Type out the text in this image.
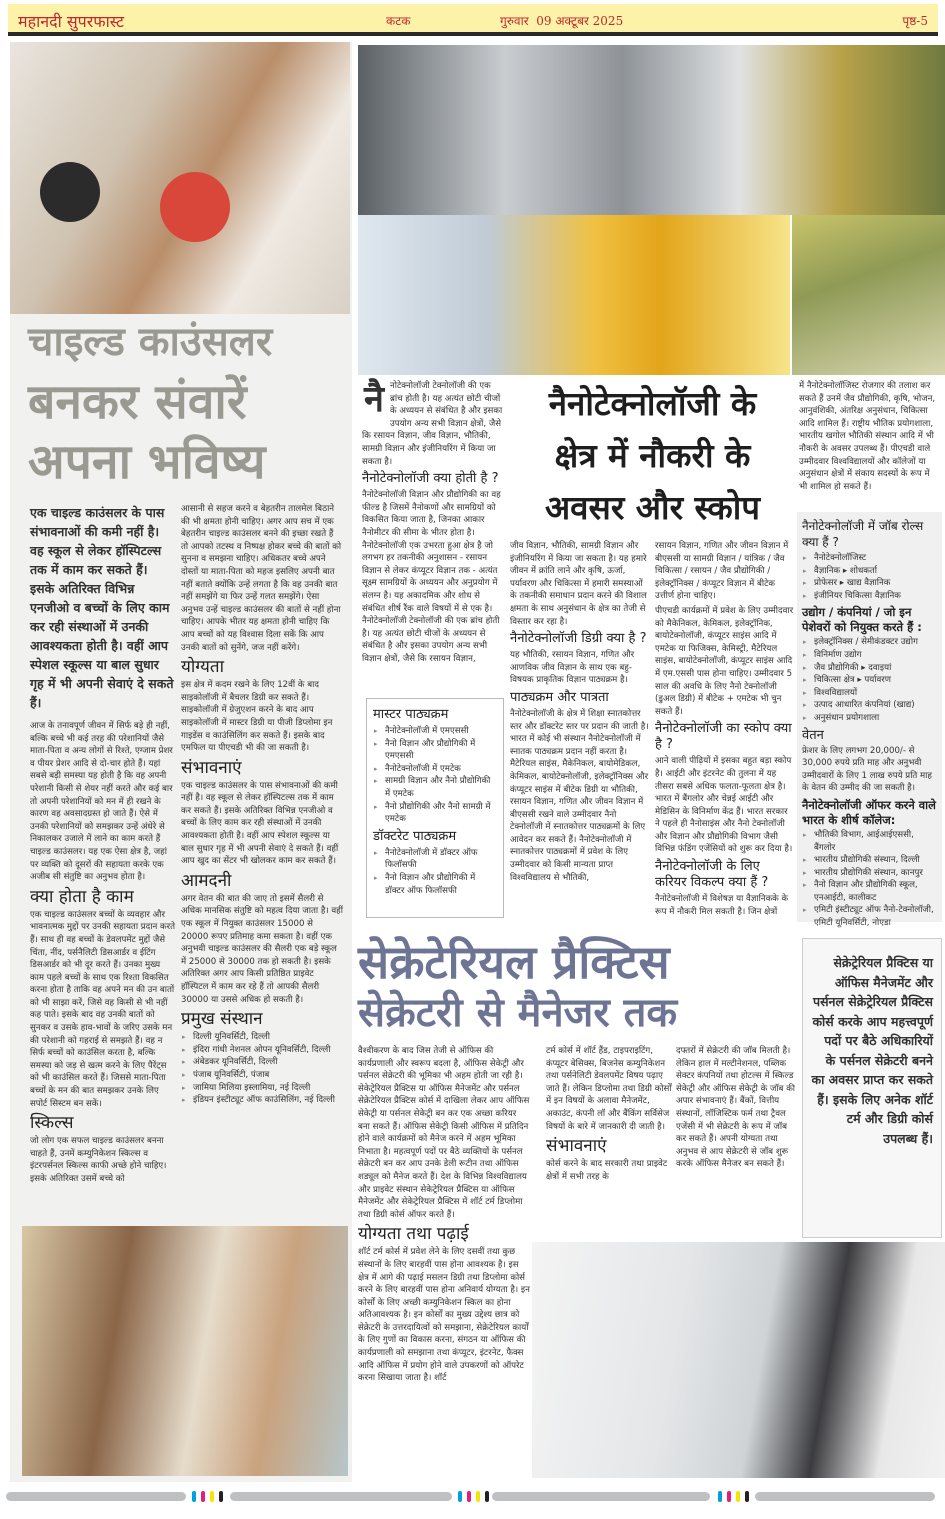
महानदी सुपरफास्ट	कटक	गुरुवार  09 अक्टूबर 2025	पृष्ठ-5
चाइल्ड काउंसलर
बनकर संवारें
अपना भविष्य

एक चाइल्ड काउंसलर के पास संभावनाओं की कमी नहीं है। वह स्कूल से लेकर हॉस्पिटल्स तक में काम कर सकते हैं। इसके अतिरिक्त विभिन्न एनजीओ व बच्चों के लिए काम कर रही संस्थाओं में उनकी आवश्यकता होती है। वहीं आप स्पेशल स्कूल्स या बाल सुधार गृह में भी अपनी सेवाएं दे सकते हैं।

आज के तनावपूर्ण जीवन में सिर्फ बड़े ही नहीं, बल्कि बच्चे भी कई तरह की परेशानियों जैसे माता-पिता व अन्य लोगों से रिश्ते, एग्जाम प्रेशर व पीयर प्रेशर आदि से दो-चार होते हैं। यहां सबसे बड़ी समस्या यह होती है कि वह अपनी परेशानी किसी से शेयर नहीं करते और कई बार तो अपनी परेशानियों को मन में ही रखने के कारण वह अवसादग्रस्त हो जाते हैं। ऐसे में उनकी परेशानियों को समझकर उन्हें अंधेरे से निकालकर उजाले में लाने का काम करते हैं चाइल्ड काउंसलर। यह एक ऐसा क्षेत्र है, जहां पर व्यक्ति को दूसरों की सहायता करके एक अजीब सी संतुष्टि का अनुभव होता है।

क्या होता है काम

एक चाइल्ड काउंसलर बच्चों के व्यवहार और भावनात्मक मुद्दों पर उनकी सहायता प्रदान करते हैं। साथ ही वह बच्चों के डेवलपमेंट मुद्दों जैसे चिंता, नींद, पर्सनैलिटी डिसआर्डर व ईटिंग डिसआर्डर को भी दूर करते हैं। उनका मुख्य काम पहले बच्चों के साथ एक रिश्ता विकसित करना होता है ताकि वह अपने मन की उन बातों को भी साझा करें, जिसे वह किसी से भी नहीं कह पाते। इसके बाद वह उनकी बातों को सुनकर व उसके हाव-भावों के जरिए उसके मन की परेशानी को गहराई से समझते हैं। वह न सिर्फ बच्चों को काउंसिल करता है, बल्कि समस्या को जड़ से खत्म करने के लिए पैरेंट्स को भी काउंसिल करते हैं। जिससे माता-पिता बच्चों के मन की बात समझकर उनके लिए सपोर्ट सिस्टम बन सकें।

स्किल्स

जो लोग एक सफल चाइल्ड काउंसलर बनना चाहते हैं, उनमें कम्युनिकेशन स्किल्स व इंटरपर्सनल स्किल्स काफी अच्छे होने चाहिए। इसके अतिरिक्त उसमें बच्चे को

आसानी से सहज करने व बेहतरीन तालमेल बिठाने की भी क्षमता होनी चाहिए। अगर आप सच में एक बेहतरीन चाइल्ड काउंसलर बनने की इच्छा रखते हैं तो आपको तटस्थ व निष्पक्ष होकर बच्चे की बातों को सुनना व समझना चाहिए। अधिकतर बच्चे अपने दोस्तों या माता-पिता को महज इसलिए अपनी बात नहीं बताते क्योंकि उन्हें लगता है कि वह उनकी बात नहीं समझेंगे या फिर उन्हें गलत समझेंगे। ऐसा अनुभव उन्हें चाइल्ड काउंसलर की बातों से नहीं होना चाहिए। आपके भीतर यह क्षमता होनी चाहिए कि आप बच्चों को यह विश्वास दिला सकें कि आप उनकी बातों को सुनेंगे, जज नहीं करेंगे।

योग्यता

इस क्षेत्र में कदम रखने के लिए 12वीं के बाद साइकोलॉजी में बैचलर डिग्री कर सकते हैं। साइकोलॉजी में ग्रेजुएशन करने के बाद आप साइकोलॉजी में मास्टर डिग्री या पीजी डिप्लोमा इन गाइडेंस व काउंसिलिंग कर सकते हैं। इसके बाद एमफिल या पीएचडी भी की जा सकती है।

संभावनाएं

एक चाइल्ड काउंसलर के पास संभावनाओं की कमी नहीं है। वह स्कूल से लेकर हॉस्पिटल्स तक में काम कर सकते हैं। इसके अतिरिक्त विभिन्न एनजीओ व बच्चों के लिए काम कर रही संस्थाओं में उनकी आवश्यकता होती है। वहीं आप स्पेशल स्कूल्स या बाल सुधार गृह में भी अपनी सेवाएं दे सकते हैं। वहीं आप खुद का सेंटर भी खोलकर काम कर सकते हैं।

आमदनी

अगर वेतन की बात की जाए तो इसमें सैलरी से अधिक मानसिक संतुष्टि को महत्व दिया जाता है। वहीं एक स्कूल में नियुक्त काउंसलर 15000 से 20000 रूपए प्रतिमाह कमा सकता है। वहीं एक अनुभवी चाइल्ड काउंसलर की सैलरी एक बड़े स्कूल में 25000 से 30000 तक हो सकती है। इसके अतिरिक्त अगर आप किसी प्रतिष्ठित प्राइवेट हॉस्पिटल में काम कर रहे हैं तो आपकी सैलरी 30000 या उससे अधिक हो सकती है।

प्रमुख संस्थान
▸ दिल्ली यूनिवर्सिटी, दिल्ली
▸ इंदिरा गांधी नेशनल ओपन यूनिवर्सिटी, दिल्ली
▸ अंबेडकर यूनिवर्सिटी, दिल्ली
▸ पंजाब यूनिवर्सिटी, पंजाब
▸ जामिया मिलिया इस्लामिया, नई दिल्ली
▸ इंडियन इंस्टीट्यूट ऑफ काउंसिलिंग, नई दिल्ली

नैनोटेक्नोलॉजी टेक्नोलॉजी की एक ब्रांच होती है। यह अत्यंत छोटी चीजों के अध्ययन से संबंधित है और इसका उपयोग अन्य सभी विज्ञान क्षेत्रों, जैसे कि रसायन विज्ञान, जीव विज्ञान, भौतिकी, सामग्री विज्ञान और इंजीनियरिंग में किया जा सकता है।

नैनोटेक्नोलॉजी क्या होती है ?

नैनोटेक्नोलॉजी विज्ञान और प्रौद्योगिकी का वह फील्ड है जिसमें नैनोकणों और सामग्रियों को विकसित किया जाता है, जिनका आकार नैनोमीटर की सीमा के भीतर होता है। नैनोटेक्नोलॉजी एक उभरता हुआ क्षेत्र है जो लगभग हर तकनीकी अनुशासन - रसायन विज्ञान से लेकर कंप्यूटर विज्ञान तक - अत्यंत सूक्ष्म सामग्रियों के अध्ययन और अनुप्रयोग में संलग्न है। यह अकादमिक और शोध से संबंधित शीर्ष रैंक वाले विषयों में से एक है। नैनोटेक्नोलॉजी टेक्नोलॉजी की एक ब्रांच होती है। यह अत्यंत छोटी चीजों के अध्ययन से संबंधित है और इसका उपयोग अन्य सभी विज्ञान क्षेत्रों, जैसे कि रसायन विज्ञान,

मास्टर पाठ्यक्रम
▸ नैनोटेक्नोलॉजी में एमएससी
▸ नैनो विज्ञान और प्रौद्योगिकी में एमएससी
▸ नैनोटेक्नोलॉजी में एमटेक
▸ सामग्री विज्ञान और नैनो प्रौद्योगिकी में एमटेक
▸ नैनो प्रौद्योगिकी और नैनो सामग्री में एमटेक
डॉक्टरेट पाठ्यक्रम
▸ नैनोटेक्नोलॉजी में डॉक्टर ऑफ फिलॉसफी
▸ नैनो विज्ञान और प्रौद्योगिकी में डॉक्टर ऑफ फिलॉसफी
नैनोटेक्नोलॉजी के
क्षेत्र में नौकरी के
अवसर और स्कोप

जीव विज्ञान, भौतिकी, सामग्री विज्ञान और इंजीनियरिंग में किया जा सकता है। यह हमारे जीवन में क्रांति लाने और कृषि, ऊर्जा, पर्यावरण और चिकित्सा में हमारी समस्याओं के तकनीकी समाधान प्रदान करने की विशाल क्षमता के साथ अनुसंधान के क्षेत्र का तेजी से विस्तार कर रहा है।

नैनोटेक्नोलॉजी डिग्री क्या है ?

यह भौतिकी, रसायन विज्ञान, गणित और आणविक जीव विज्ञान के साथ एक बहु-विषयक प्राकृतिक विज्ञान पाठ्यक्रम है।

पाठ्यक्रम और पात्रता

नैनोटेक्नोलॉजी के क्षेत्र में शिक्षा स्नातकोत्तर स्तर और डॉक्टरेट स्तर पर प्रदान की जाती है। भारत में कोई भी संस्थान नैनोटेक्नोलॉजी में स्नातक पाठ्यक्रम प्रदान नहीं करता है। मैटेरियल साइंस, मैकेनिकल, बायोमेडिकल, केमिकल, बायोटेक्नोलॉजी, इलेक्ट्रॉनिक्स और कंप्यूटर साइंस में बीटेक डिग्री या भौतिकी, रसायन विज्ञान, गणित और जीवन विज्ञान में बीएससी रखने वाले उम्मीदवार नैनो टेक्नोलॉजी में स्नातकोत्तर पाठ्यक्रमों के लिए आवेदन कर सकते हैं। नैनोटेक्नोलॉजी में स्नातकोत्तर पाठ्यक्रमों में प्रवेश के लिए उम्मीदवार को किसी मान्यता प्राप्त विश्वविद्यालय से भौतिकी,

रसायन विज्ञान, गणित और जीवन विज्ञान में बीएससी या सामग्री विज्ञान / यांत्रिक / जैव चिकित्सा / रसायन / जैव प्रौद्योगिकी / इलेक्ट्रॉनिक्स / कंप्यूटर विज्ञान में बीटेक उत्तीर्ण होना चाहिए।

पीएचडी कार्यक्रमों में प्रवेश के लिए उम्मीदवार को मैकेनिकल, केमिकल, इलेक्ट्रॉनिक, बायोटेक्नोलॉजी, कंप्यूटर साइंस आदि में एमटेक या फिजिक्स, केमिस्ट्री, मैटेरियल साइंस, बायोटेक्नोलॉजी, कंप्यूटर साइंस आदि में एम.एससी पास होना चाहिए। उम्मीदवार 5 साल की अवधि के लिए नैनो टेक्नोलॉजी (डुअल डिग्री) में बीटेक + एमटेक भी चुन सकते हैं।

नैनोटेक्नोलॉजी का स्कोप क्या है ?

आने वाली पीढ़ियों में इसका बहुत बड़ा स्कोप है। आईटी और इंटरनेट की तुलना में यह तीसरा सबसे अधिक फलता-फूलता क्षेत्र है। भारत में बैंगलोर और चेन्नई आईटी और मेडिसिन के विनिर्माण केंद्र हैं। भारत सरकार ने पहले ही नैनोसाइंस और नैनो टेक्नोलॉजी और विज्ञान और प्रौद्योगिकी विभाग जैसी विभिन्न फंडिंग एजेंसियों को शुरू कर दिया है।

नैनोटेक्नोलॉजी के लिए करियर विकल्प क्या हैं ?

नैनोटेक्नोलॉजी में विशेषज्ञ या वैज्ञानिकके के रूप में नौकरी मिल सकती है। जिन क्षेत्रों

में नैनोटेक्नोलॉजिस्ट रोजगार की तलाश कर सकते हैं उनमें जैव प्रौद्योगिकी, कृषि, भोजन, आनुवंशिकी, अंतरिक्ष अनुसंधान, चिकित्सा आदि शामिल हैं। राष्ट्रीय भौतिक प्रयोगशाला, भारतीय खगोल भौतिकी संस्थान आदि में भी नौकरी के अवसर उपलब्ध हैं। पीएचडी वाले उम्मीदवार विश्वविद्यालयों और कॉलेजों या अनुसंधान क्षेत्रों में संकाय सदस्यों के रूप में भी शामिल हो सकते हैं।

नैनोटेक्नोलॉजी में जॉब रोल्स क्या हैं ?
▸ नैनोटेक्नोलॉजिस्ट
▸ वैज्ञानिक ▸ शोधकर्ता
▸ प्रोफेसर ▸ खाद्य वैज्ञानिक
▸ इंजीनियर चिकित्सा वैज्ञानिक
उद्योग / कंपनियां / जो इन पेशेवरों को नियुक्त करते हैं :
▸ इलेक्ट्रॉनिक्स / सेमीकंडक्टर उद्योग
▸ विनिर्माण उद्योग
▸ जैव प्रौद्योगिकी ▸ दवाइयां
▸ चिकित्सा क्षेत्र ▸ पर्यावरण
▸ विश्वविद्यालयों
▸ उत्पाद आधारित कंपनियां (खाद्य)
▸ अनुसंधान प्रयोगशाला
वेतन

फ्रेशर के लिए लगभग 20,000/- से 30,000 रुपये प्रति माह और अनुभवी उम्मीदवारों के लिए 1 लाख रुपये प्रति माह के वेतन की उम्मीद की जा सकती है।

नैनोटेक्नोलॉजी ऑफर करने वाले भारत के शीर्ष कॉलेज:
▸ भौतिकी विभाग, आईआईएससी, बैंगलोर
▸ भारतीय प्रौद्योगिकी संस्थान, दिल्ली
▸ भारतीय प्रौद्योगिकी संस्थान, कानपुर
▸ नैनो विज्ञान और प्रौद्योगिकी स्कूल, एनआईटी, कालीकट
▸ एमिटी इंस्टीट्यूट ऑफ नैनो-टेक्नोलॉजी, एमिटी यूनिवर्सिटी, नोएडा
सेक्रेटेरियल प्रैक्टिस
सेक्रेटरी से मैनेजर तक
सेक्रेट्रेरियल प्रैक्टिस या ऑफिस मैनेजमेंट और पर्सनल सेक्रेट्रेरियल प्रैक्टिस कोर्स करके आप महत्त्वपूर्ण पदों पर बैठे अधिकारियों के पर्सनल सेक्रेटरी बनने का अवसर प्राप्त कर सकते हैं। इसके लिए अनेक शॉर्ट टर्म और डिग्री कोर्स उपलब्ध हैं।

वैश्वीकरण के बाद जिस तेजी से ऑफिस की कार्यप्रणाली और स्वरूप बदला है, ऑफिस सेकेट्री और पर्सनल सेक्रेटरी की भूमिका भी अहम होती जा रही है। सेकेट्रेरियल प्रैक्टिस या ऑफिस मैनेजमेंट और पर्सनल सेक्रेटेरियल प्रैक्टिस कोर्स में दाखिला लेकर आप ऑफिस सेकेट्री या पर्सनल सेकेट्री बन कर एक अच्छा करियर बना सकते हैं। ऑफिस सेकेट्री किसी ऑफिस में प्रतिदिन होने वाले कार्यक्रमों को मैनेज करने में अहम भूमिका निभाता है। महत्वपूर्ण पदों पर बैठे व्यक्तियों के पर्सनल सेक्रेटरी बन कर आप उनके डेली रूटीन तथा ऑफिस शड्यूल को मैनेज करते हैं। देश के विभिन्न विश्वविद्यालय और प्राइवेट संस्थान सेकेट्रेरियल प्रैक्टिस या ऑफिस मैनेजमेंट और सेकेट्रेरियल प्रैक्टिस में शॉर्ट टर्म डिप्लोमा तथा डिग्री कोर्स ऑफर करते हैं।

योग्यता तथा पढ़ाई

शॉर्ट टर्म कोर्स में प्रवेश लेने के लिए दसवीं तथा कुछ संस्थानों के लिए बारहवीं पास होना आवश्यक है। इस क्षेत्र में आगे की पढ़ाई मसलन डिग्री तथा डिप्लोमा कोर्स करने के लिए बारहवीं पास होना अनिवार्य योग्यता है। इन कोर्सों के लिए अच्छी कम्युनिकेशन स्किल का होना अतिआवश्यक है। इन कोर्सों का मुख्य उद्देश्य छात्र को सेक्रेटरी के उत्तरदायित्वों को समझाना, सेक्रेटेरियल कार्यों के लिए गुणों का विकास करना, संगठन या ऑफिस की कार्यप्रणाली को समझाना तथा कंप्यूटर, इंटरनेट, फैक्स आदि ऑफिस में प्रयोग होने वाले उपकरणों को ऑपरेट करना सिखाया जाता है। शॉर्ट

टर्म कोर्स में शॉर्ट हैंड, टाइपराइटिंग, कंप्यूटर बेसिक्स, बिजनेस कम्युनिकेशन तथा पर्सनेलिटी डेवलपमेंट विषय पढ़ाए जाते हैं। लेकिन डिप्लोमा तथा डिग्री कोर्सों में इन विषयों के अलावा मैनेजमेंट, अकाउंट, कंपनी लॉ और बैंकिंग सर्विसेज विषयों के बारे में जानकारी दी जाती है।

संभावनाएं

कोर्स करने के बाद सरकारी तथा प्राइवेट क्षेत्रों में सभी तरह के

दफ्तरों में सेक्रेटरी की जॉब मिलती है। लेकिन हाल में मल्टीनेशनल, पब्लिक सेक्टर कंपनियों तथा होटल्स में स्किल्ड सेकेट्री और ऑफिस सेकेट्री के जॉब की अपार संभावनाएं हैं। बैंकों, वित्तीय संस्थानों, लॉजिस्टिक फर्म तथा ट्रैवल एजेंसी में भी सेक्रेटरी के रूप में जॉब कर सकते हैं। अपनी योग्यता तथा अनुभव से आप सेक्रेटरी से जॉब शुरू करके ऑफिस मैनेजर बन सकते हैं।
